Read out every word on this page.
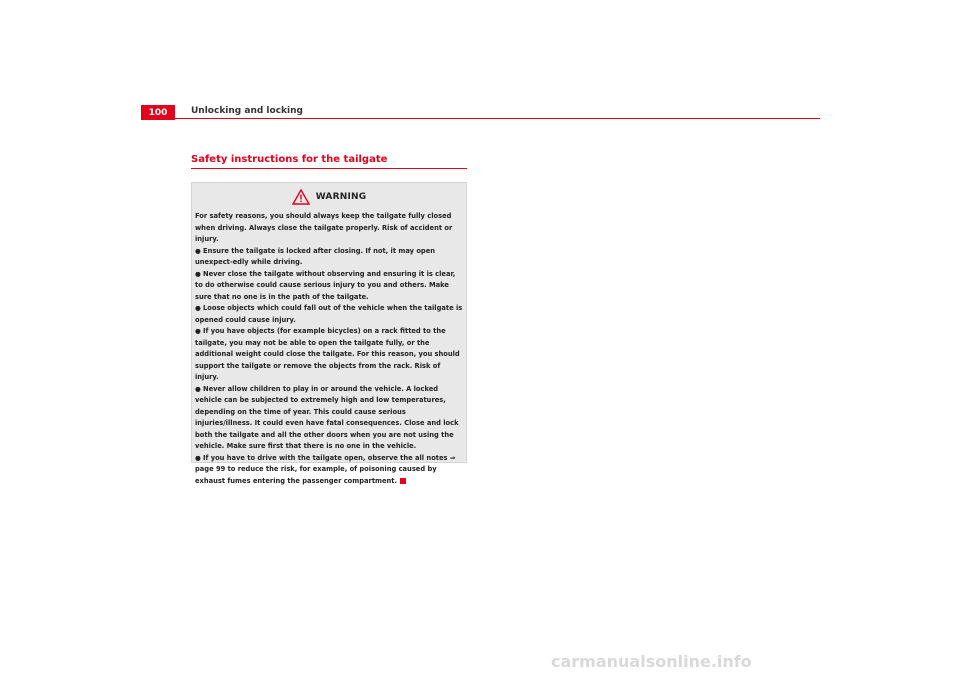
100	Unlocking and locking
Safety instructions for the tailgate
WARNING

For safety reasons, you should always keep the tailgate fully closed when driving. Always close the tailgate properly. Risk of accident or injury.

● Ensure the tailgate is locked after closing. If not, it may open unexpect-edly while driving.

● Never close the tailgate without observing and ensuring it is clear, to do otherwise could cause serious injury to you and others. Make sure that no one is in the path of the tailgate.

● Loose objects which could fall out of the vehicle when the tailgate is opened could cause injury.

● If you have objects (for example bicycles) on a rack fitted to the tailgate, you may not be able to open the tailgate fully, or the additional weight could close the tailgate. For this reason, you should support the tailgate or remove the objects from the rack. Risk of injury.

● Never allow children to play in or around the vehicle. A locked vehicle can be subjected to extremely high and low temperatures, depending on the time of year. This could cause serious injuries/illness. It could even have fatal consequences. Close and lock both the tailgate and all the other doors when you are not using the vehicle. Make sure first that there is no one in the vehicle.

● If you have to drive with the tailgate open, observe the all notes ⇒ page 99 to reduce the risk, for example, of poisoning caused by exhaust fumes entering the passenger compartment.

carmanualsonline.info
